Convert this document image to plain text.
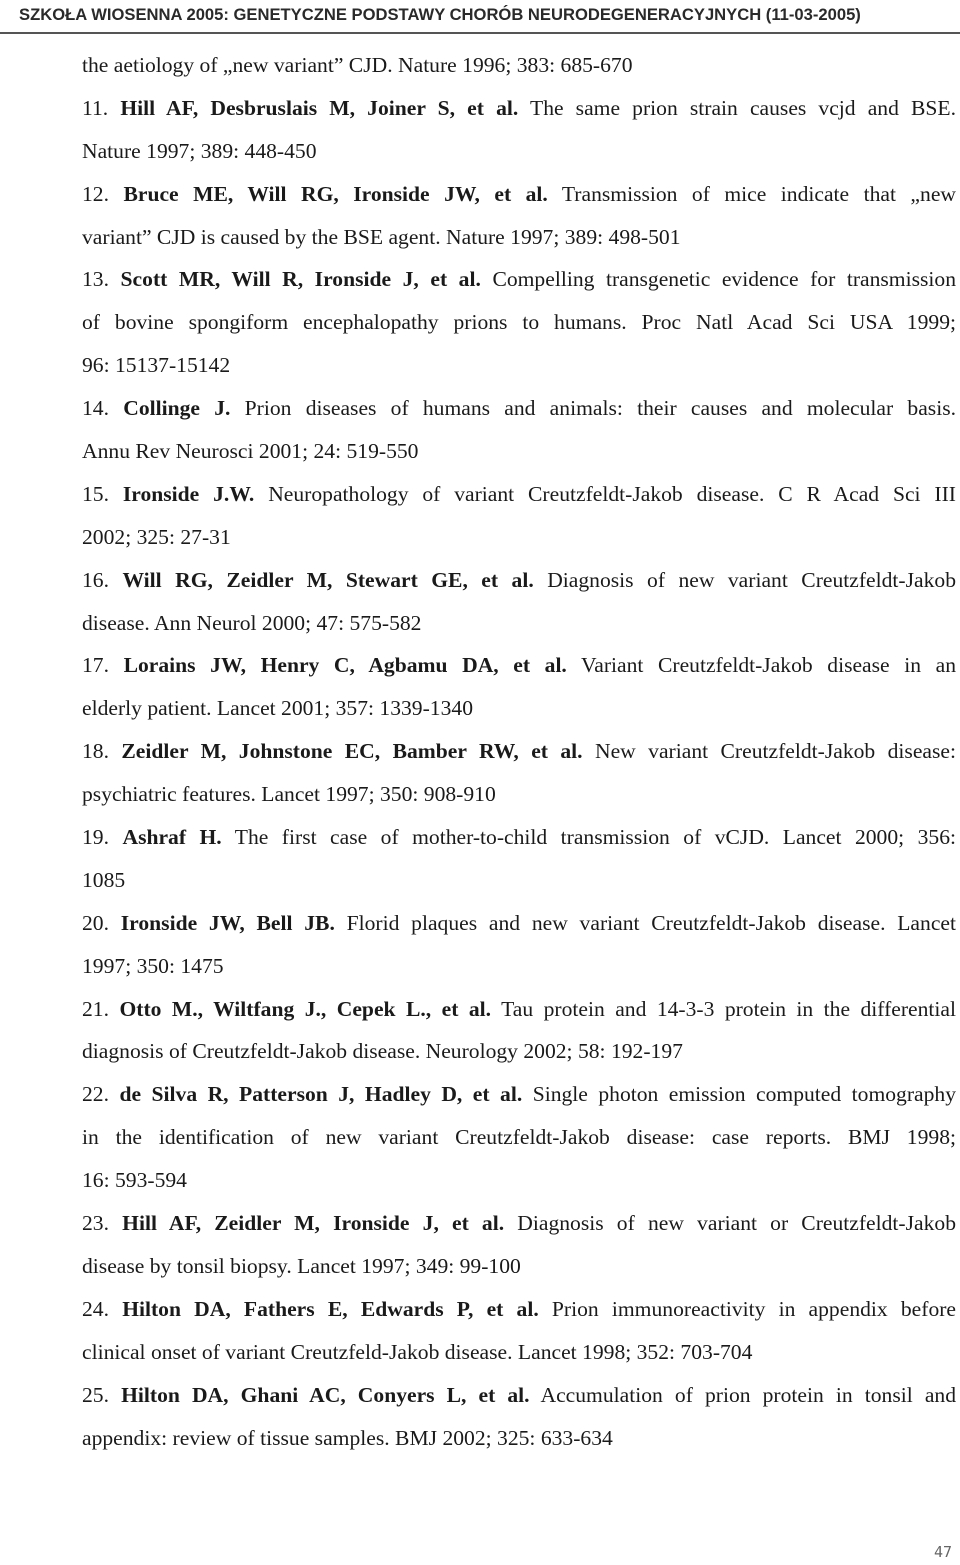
SZKOŁA WIOSENNA 2005: GENETYCZNE PODSTAWY CHORÓB NEURODEGENERACYJNYCH (11-03-2005)
the aetiology of „new variant” CJD. Nature 1996; 383: 685-670
11. Hill AF, Desbruslais M, Joiner S, et al. The same prion strain causes vcjd and BSE.
Nature 1997; 389: 448-450
12. Bruce ME, Will RG, Ironside JW, et al. Transmission of mice indicate that „new
variant” CJD is caused by the BSE agent. Nature 1997; 389: 498-501
13. Scott MR, Will R, Ironside J, et al. Compelling transgenetic evidence for transmission
of bovine spongiform encephalopathy prions to humans. Proc Natl Acad Sci USA 1999;
96: 15137-15142
14. Collinge J. Prion diseases of humans and animals: their causes and molecular basis.
Annu Rev Neurosci 2001; 24: 519-550
15. Ironside J.W. Neuropathology of variant Creutzfeldt-Jakob disease. C R Acad Sci III
2002; 325: 27-31
16. Will RG, Zeidler M, Stewart GE, et al. Diagnosis of new variant Creutzfeldt-Jakob
disease. Ann Neurol 2000; 47: 575-582
17. Lorains JW, Henry C, Agbamu DA, et al. Variant Creutzfeldt-Jakob disease in an
elderly patient. Lancet 2001; 357: 1339-1340
18. Zeidler M, Johnstone EC, Bamber RW, et al. New variant Creutzfeldt-Jakob disease:
psychiatric features. Lancet 1997; 350: 908-910
19. Ashraf H. The first case of mother-to-child transmission of vCJD. Lancet 2000; 356:
1085
20. Ironside JW, Bell JB. Florid plaques and new variant Creutzfeldt-Jakob disease. Lancet
1997; 350: 1475
21. Otto M., Wiltfang J., Cepek L., et al. Tau protein and 14-3-3 protein in the differential
diagnosis of Creutzfeldt-Jakob disease. Neurology 2002; 58: 192-197
22. de Silva R, Patterson J, Hadley D, et al. Single photon emission computed tomography
in the identification of new variant Creutzfeldt-Jakob disease: case reports. BMJ 1998;
16: 593-594
23. Hill AF, Zeidler M, Ironside J, et al. Diagnosis of new variant or Creutzfeldt-Jakob
disease by tonsil biopsy. Lancet 1997; 349: 99-100
24. Hilton DA, Fathers E, Edwards P, et al. Prion immunoreactivity in appendix before
clinical onset of variant Creutzfeld-Jakob disease. Lancet 1998; 352: 703-704
25. Hilton DA, Ghani AC, Conyers L, et al. Accumulation of prion protein in tonsil and
appendix: review of tissue samples. BMJ 2002; 325: 633-634
47
